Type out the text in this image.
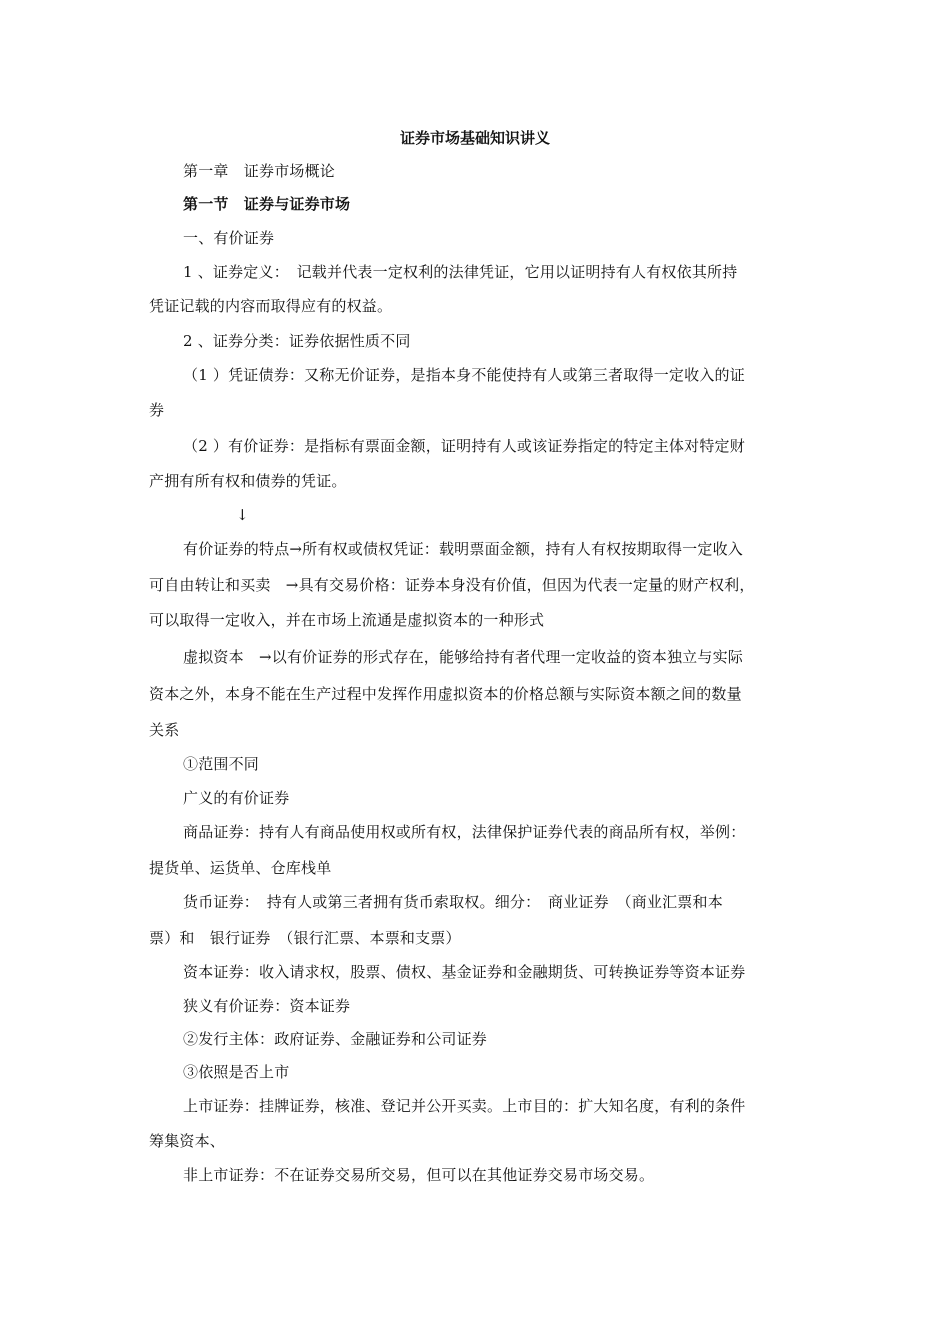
证券市场基础知识讲义
第一章　证券市场概论
第一节　证券与证券市场
一、有价证券
1 、证券定义：　记载并代表一定权利的法律凭证，它用以证明持有人有权依其所持
凭证记载的内容而取得应有的权益。
2 、证券分类：证券依据性质不同
（1 ）凭证债券：又称无价证券，是指本身不能使持有人或第三者取得一定收入的证
券
（2 ）有价证券：是指标有票面金额，证明持有人或该证券指定的特定主体对特定财
产拥有所有权和债券的凭证。
↓
有价证券的特点→所有权或债权凭证：载明票面金额，持有人有权按期取得一定收入
可自由转让和买卖　→具有交易价格：证券本身没有价值，但因为代表一定量的财产权利，
可以取得一定收入，并在市场上流通是虚拟资本的一种形式
虚拟资本　→以有价证券的形式存在，能够给持有者代理一定收益的资本独立与实际
资本之外，本身不能在生产过程中发挥作用虚拟资本的价格总额与实际资本额之间的数量
关系
①范围不同
广义的有价证券
商品证券：持有人有商品使用权或所有权，法律保护证券代表的商品所有权，举例：
提货单、运货单、仓库栈单
货币证券：　持有人或第三者拥有货币索取权。细分：　商业证券　（商业汇票和本
票）和　银行证券　（银行汇票、本票和支票）
资本证券：收入请求权，股票、债权、基金证券和金融期货、可转换证券等资本证券
狭义有价证券：资本证券
②发行主体：政府证券、金融证券和公司证券
③依照是否上市
上市证券：挂牌证券，核准、登记并公开买卖。上市目的：扩大知名度，有利的条件
筹集资本、
非上市证券：不在证券交易所交易，但可以在其他证券交易市场交易。
